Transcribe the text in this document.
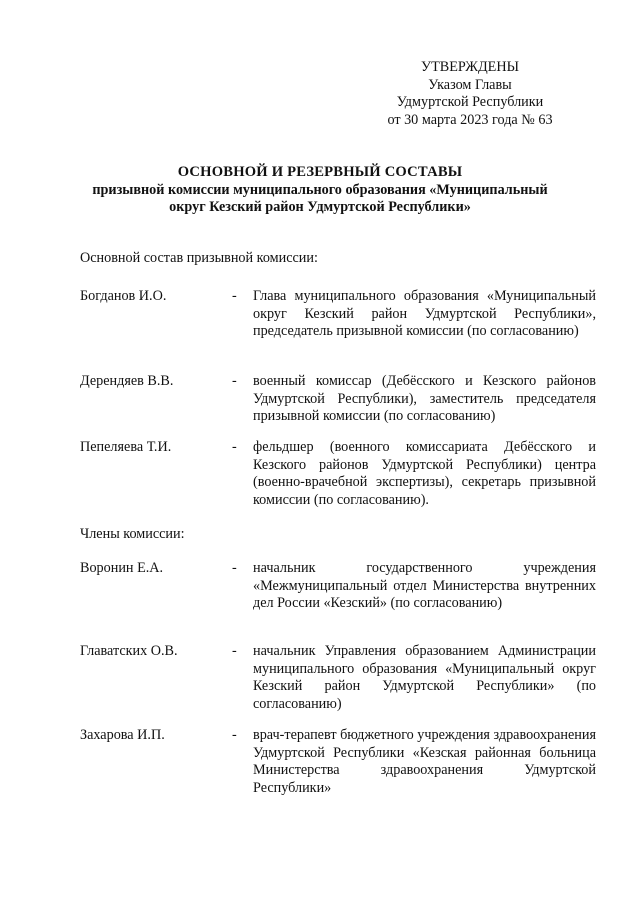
УТВЕРЖДЕНЫ
Указом Главы
Удмуртской Республики
от 30 марта 2023 года № 63
ОСНОВНОЙ И РЕЗЕРВНЫЙ СОСТАВЫ
призывной комиссии муниципального образования «Муниципальный
округ Кезский район Удмуртской Республики»
Основной состав призывной комиссии:
Богданов И.О.	- Глава муниципального образования «Муниципальный округ Кезский район Удмуртской Республики», председатель призывной комиссии (по согласованию)
Дерендяев В.В.	- военный комиссар (Дебёсского и Кезского районов Удмуртской Республики), заместитель председателя призывной комиссии (по согласованию)
Пепеляева Т.И.	- фельдшер (военного комиссариата Дебёсского и Кезского районов Удмуртской Республики) центра (военно-врачебной экспертизы), секретарь призывной комиссии (по согласованию).
Члены комиссии:
Воронин Е.А.	- начальник государственного учреждения «Межмуниципальный отдел Министерства внутренних дел России «Кезский» (по согласованию)
Главатских О.В.	- начальник Управления образованием Администрации муниципального образования «Муниципальный округ Кезский район Удмуртской Республики» (по согласованию)
Захарова И.П.	- врач-терапевт бюджетного учреждения здравоохранения Удмуртской Республики «Кезская районная больница Министерства здравоохранения Удмуртской Республики»
